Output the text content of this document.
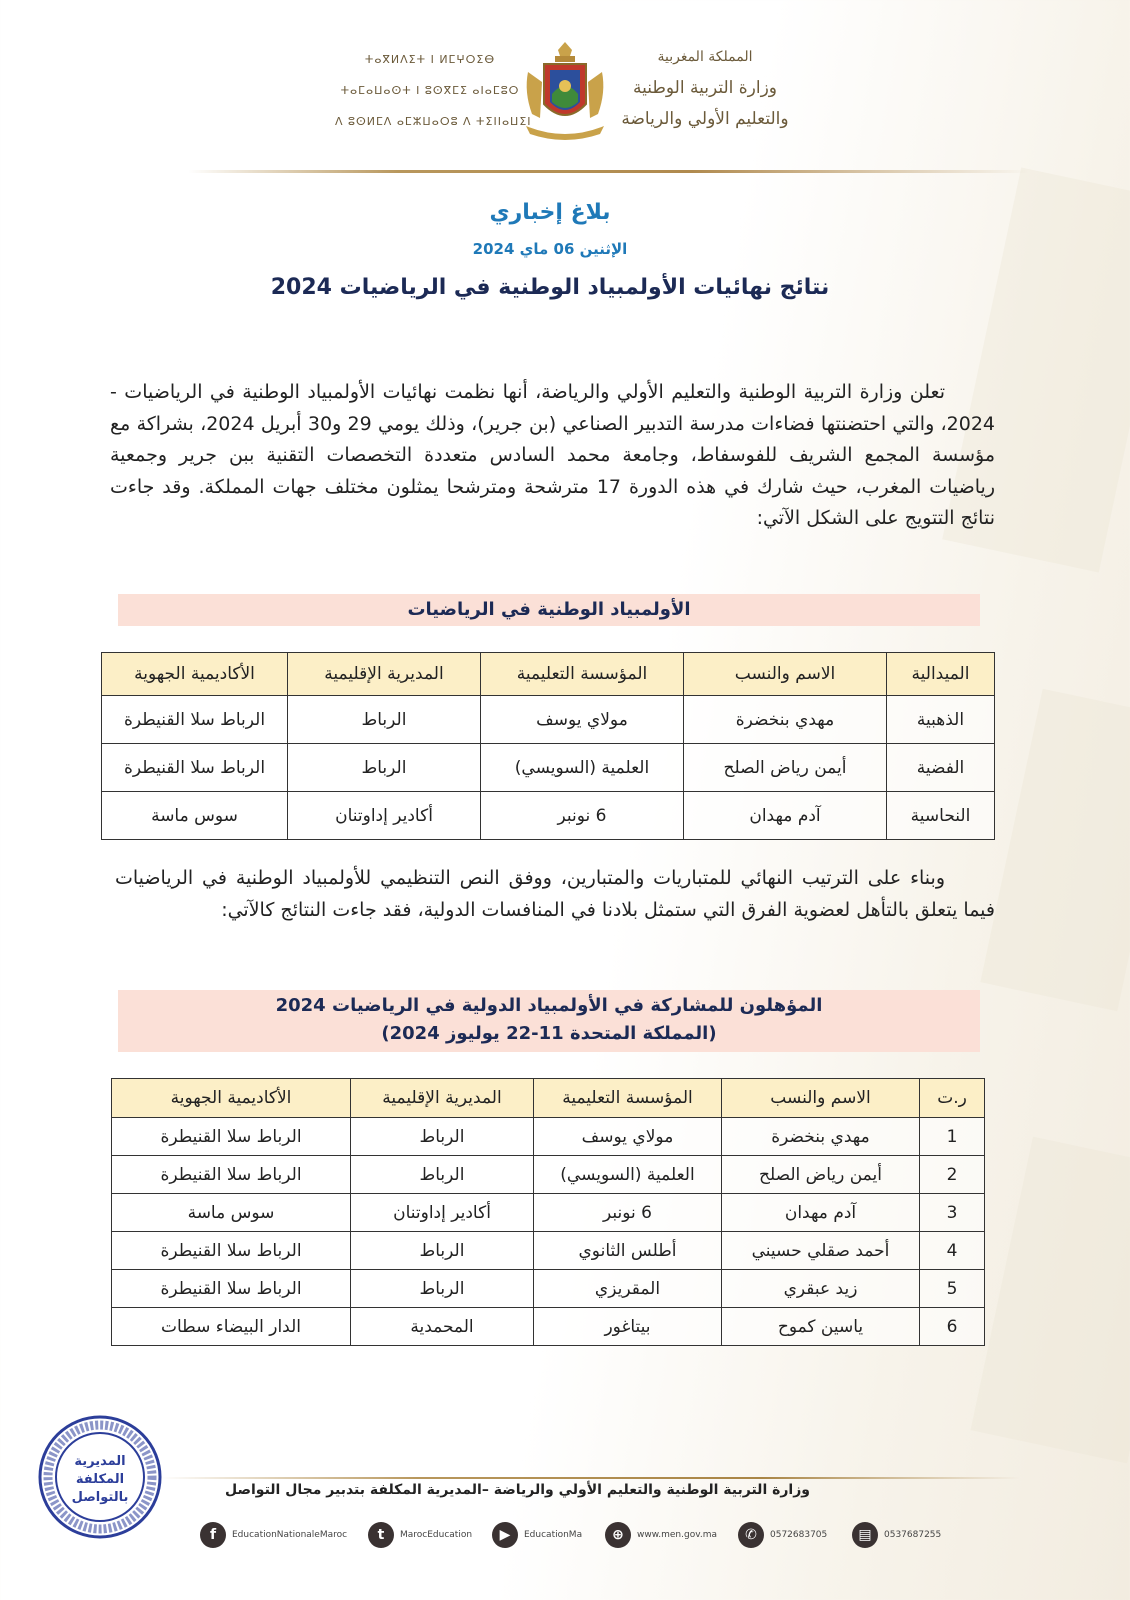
ⵜⴰⴳⵍⴷⵉⵜ ⵏ ⵍⵎⵖⵔⵉⴱ
ⵜⴰⵎⴰⵡⴰⵙⵜ ⵏ ⵓⵙⴳⵎⵉ ⴰⵏⴰⵎⵓⵔ
ⴷ ⵓⵙⵍⵎⴷ ⴰⵎⵣⵡⴰⵔⵓ ⴷ ⵜⵉⵏⵏⴰⵡⵉⵏ
المملكة المغربية
وزارة التربية الوطنية
والتعليم الأولي والرياضة
بلاغ إخباري
الإثنين 06 ماي 2024
نتائج نهائيات الأولمبياد الوطنية في الرياضيات 2024
تعلن وزارة التربية الوطنية والتعليم الأولي والرياضة، أنها نظمت نهائيات الأولمبياد الوطنية في الرياضيات - 2024، والتي احتضنتها فضاءات مدرسة التدبير الصناعي (بن جرير)، وذلك يومي 29 و30 أبريل 2024، بشراكة مع مؤسسة المجمع الشريف للفوسفاط، وجامعة محمد السادس متعددة التخصصات التقنية ببن جرير وجمعية رياضيات المغرب، حيث شارك في هذه الدورة 17 مترشحة ومترشحا يمثلون مختلف جهات المملكة. وقد جاءت نتائج التتويج على الشكل الآتي:
الأولمبياد الوطنية في الرياضيات
الميدالية	الاسم والنسب	المؤسسة التعليمية	المديرية الإقليمية	الأكاديمية الجهوية
الذهبية	مهدي بنخضرة	مولاي يوسف	الرباط	الرباط سلا القنيطرة
الفضية	أيمن رياض الصلح	العلمية (السويسي)	الرباط	الرباط سلا القنيطرة
النحاسية	آدم مهدان	6 نونبر	أكادير إداوتنان	سوس ماسة
وبناء على الترتيب النهائي للمتباريات والمتبارين، ووفق النص التنظيمي للأولمبياد الوطنية في الرياضيات فيما يتعلق بالتأهل لعضوية الفرق التي ستمثل بلادنا في المنافسات الدولية، فقد جاءت النتائج كالآتي:
المؤهلون للمشاركة في الأولمبياد الدولية في الرياضيات 2024
(المملكة المتحدة 11-22 يوليوز 2024)
ر.ت	الاسم والنسب	المؤسسة التعليمية	المديرية الإقليمية	الأكاديمية الجهوية
1	مهدي بنخضرة	مولاي يوسف	الرباط	الرباط سلا القنيطرة
2	أيمن رياض الصلح	العلمية (السويسي)	الرباط	الرباط سلا القنيطرة
3	آدم مهدان	6 نونبر	أكادير إداوتنان	سوس ماسة
4	أحمد صقلي حسيني	أطلس الثانوي	الرباط	الرباط سلا القنيطرة
5	زيد عبقري	المقريزي	الرباط	الرباط سلا القنيطرة
6	ياسين كموح	بيتاغور	المحمدية	الدار البيضاء سطات
المديرية
المكلفة
بالتواصل	وزارة التربية الوطنية والتعليم الأولي والرياضة –المديرية المكلفة بتدبير مجال التواصل
f	EducationNationaleMaroc	t	MarocEducation	▶	EducationMa	⊕	www.men.gov.ma	✆	0572683705	▤	0537687255
